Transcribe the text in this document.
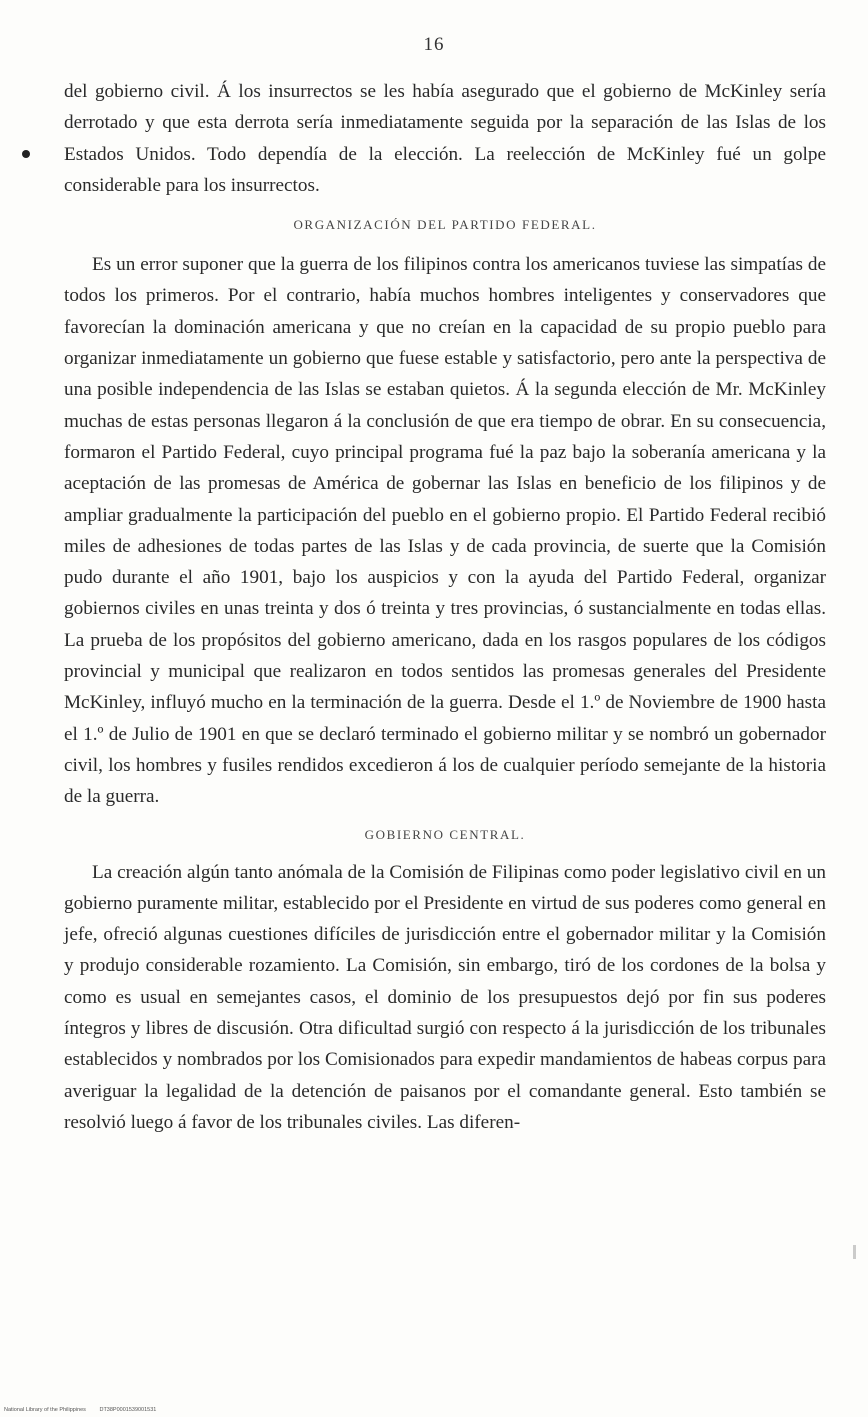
16

del gobierno civil. Á los insurrectos se les había asegurado que el gobierno de McKinley sería derrotado y que esta derrota sería inmediatamente seguida por la separación de las Islas de los Estados Unidos. Todo dependía de la elección. La reelección de McKinley fué un golpe considerable para los insurrectos.

ORGANIZACIÓN DEL PARTIDO FEDERAL.

Es un error suponer que la guerra de los filipinos contra los americanos tuviese las simpatías de todos los primeros. Por el contrario, había muchos hombres inteligentes y conservadores que favorecían la dominación americana y que no creían en la capacidad de su propio pueblo para organizar inmediatamente un gobierno que fuese estable y satisfactorio, pero ante la perspectiva de una posible independencia de las Islas se estaban quietos. Á la segunda elección de Mr. McKinley muchas de estas personas llegaron á la conclusión de que era tiempo de obrar. En su consecuencia, formaron el Partido Federal, cuyo principal programa fué la paz bajo la soberanía americana y la aceptación de las promesas de América de gobernar las Islas en beneficio de los filipinos y de ampliar gradualmente la participación del pueblo en el gobierno propio. El Partido Federal recibió miles de adhesiones de todas partes de las Islas y de cada provincia, de suerte que la Comisión pudo durante el año 1901, bajo los auspicios y con la ayuda del Partido Federal, organizar gobiernos civiles en unas treinta y dos ó treinta y tres provincias, ó sustancialmente en todas ellas. La prueba de los propósitos del gobierno americano, dada en los rasgos populares de los códigos provincial y municipal que realizaron en todos sentidos las promesas generales del Presidente McKinley, influyó mucho en la terminación de la guerra. Desde el 1.º de Noviembre de 1900 hasta el 1.º de Julio de 1901 en que se declaró terminado el gobierno militar y se nombró un gobernador civil, los hombres y fusiles rendidos excedieron á los de cualquier período semejante de la historia de la guerra.

GOBIERNO CENTRAL.

La creación algún tanto anómala de la Comisión de Filipinas como poder legislativo civil en un gobierno puramente militar, establecido por el Presidente en virtud de sus poderes como general en jefe, ofreció algunas cuestiones difíciles de jurisdicción entre el gobernador militar y la Comisión y produjo considerable rozamiento. La Comisión, sin embargo, tiró de los cordones de la bolsa y como es usual en semejantes casos, el dominio de los presupuestos dejó por fin sus poderes íntegros y libres de discusión. Otra dificultad surgió con respecto á la jurisdicción de los tribunales establecidos y nombrados por los Comisionados para expedir mandamientos de habeas corpus para averiguar la legalidad de la detención de paisanos por el comandante general. Esto también se resolvió luego á favor de los tribunales civiles. Las diferen-

National Library of the Philippines DT38P0001539001531
